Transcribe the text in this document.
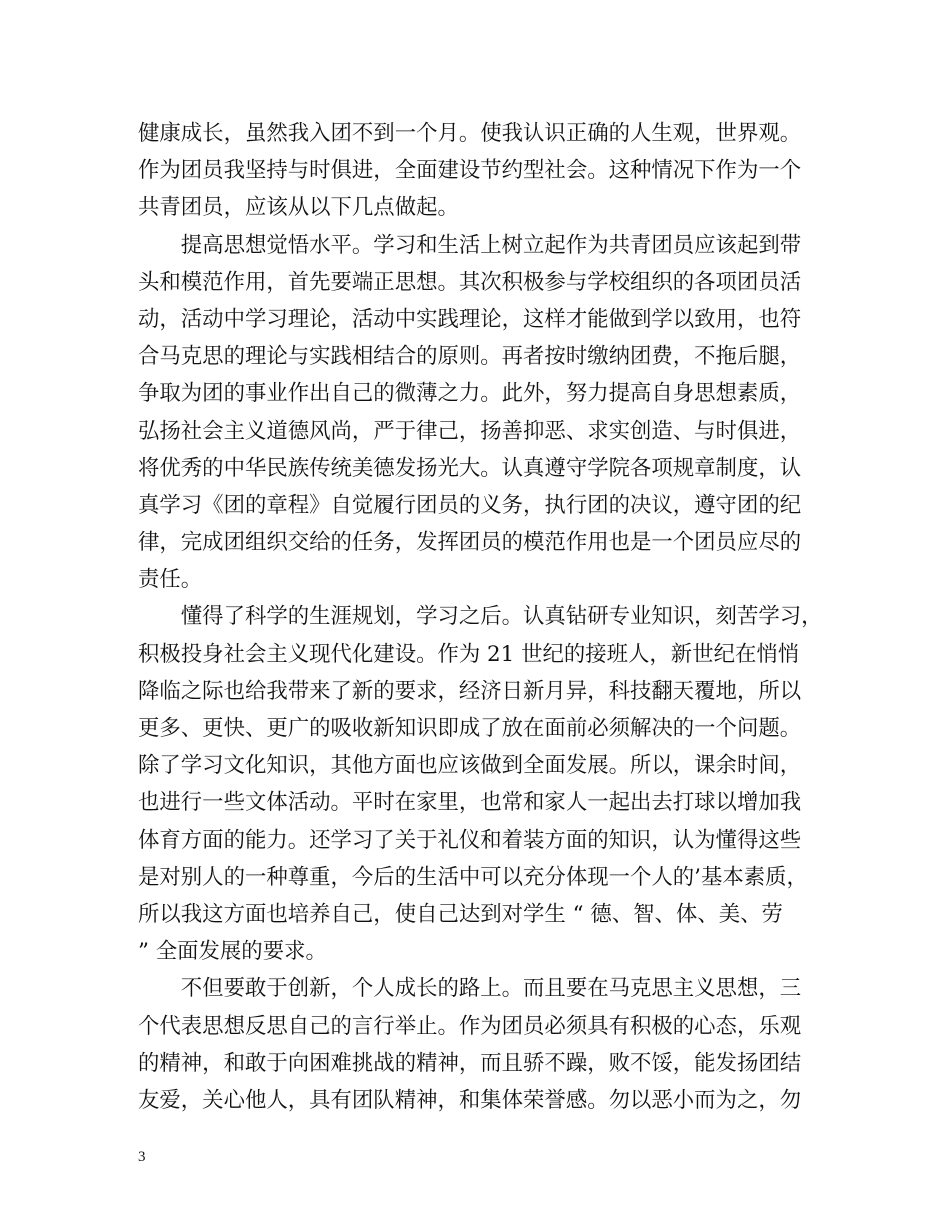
健康成长，虽然我入团不到一个月。使我认识正确的人生观，世界观。
作为团员我坚持与时俱进，全面建设节约型社会。这种情况下作为一个
共青团员，应该从以下几点做起。
　　提高思想觉悟水平。学习和生活上树立起作为共青团员应该起到带
头和模范作用，首先要端正思想。其次积极参与学校组织的各项团员活
动，活动中学习理论，活动中实践理论，这样才能做到学以致用，也符
合马克思的理论与实践相结合的原则。再者按时缴纳团费，不拖后腿，
争取为团的事业作出自己的微薄之力。此外，努力提高自身思想素质，
弘扬社会主义道德风尚，严于律己，扬善抑恶、求实创造、与时俱进，
将优秀的中华民族传统美德发扬光大。认真遵守学院各项规章制度，认
真学习《团的章程》自觉履行团员的义务，执行团的决议，遵守团的纪
律，完成团组织交给的任务，发挥团员的模范作用也是一个团员应尽的
责任。
　　懂得了科学的生涯规划，学习之后。认真钻研专业知识，刻苦学习，
积极投身社会主义现代化建设。作为 21 世纪的接班人，新世纪在悄悄
降临之际也给我带来了新的要求，经济日新月异，科技翻天覆地，所以
更多、更快、更广的吸收新知识即成了放在面前必须解决的一个问题。
除了学习文化知识，其他方面也应该做到全面发展。所以，课余时间，
也进行一些文体活动。平时在家里，也常和家人一起出去打球以增加我
体育方面的能力。还学习了关于礼仪和着装方面的知识，认为懂得这些
是对别人的一种尊重，今后的生活中可以充分体现一个人的’基本素质，
所以我这方面也培养自己，使自己达到对学生 “ 德、智、体、美、劳
” 全面发展的要求。
　　不但要敢于创新，个人成长的路上。而且要在马克思主义思想，三
个代表思想反思自己的言行举止。作为团员必须具有积极的心态，乐观
的精神，和敢于向困难挑战的精神，而且骄不躁，败不馁，能发扬团结
友爱，关心他人，具有团队精神，和集体荣誉感。勿以恶小而为之，勿
3
